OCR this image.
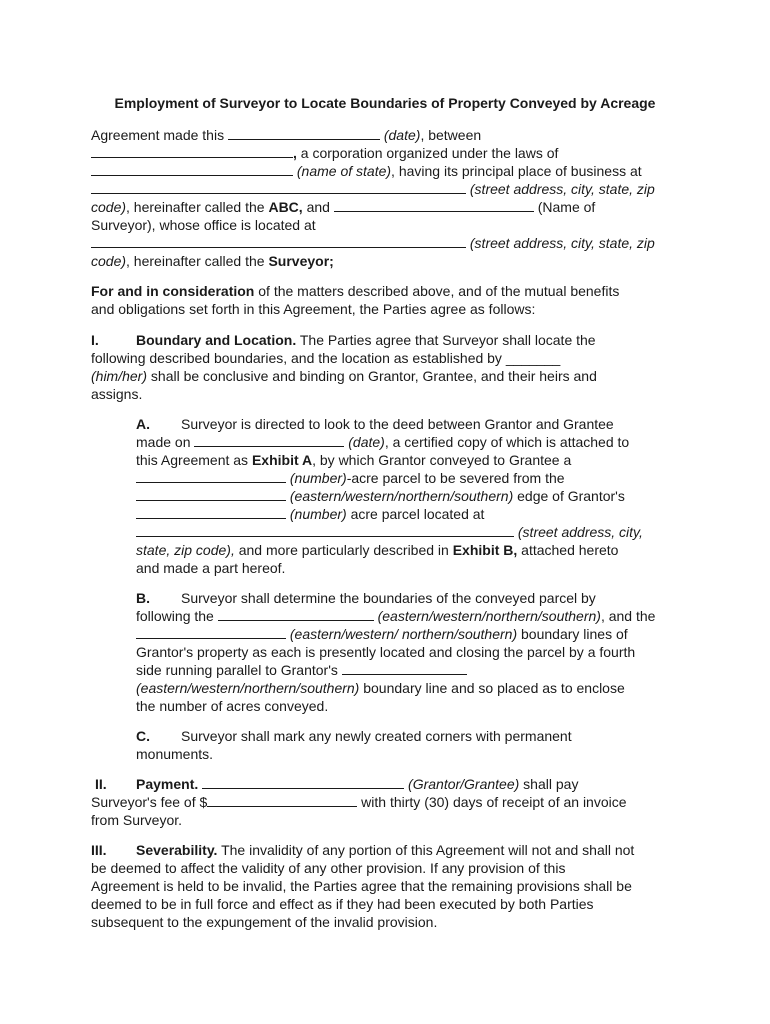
Employment of Surveyor to Locate Boundaries of Property Conveyed by Acreage
Agreement made this	(date), between
, a corporation organized under the laws of
(name of state), having its principal place of business at
(street address, city, state, zip
code), hereinafter called the ABC, and	(Name of
Surveyor), whose office is located at
(street address, city, state, zip
code), hereinafter called the Surveyor;
For and in consideration of the matters described above, and of the mutual benefits
and obligations set forth in this Agreement, the Parties agree as follows:
I.	Boundary and Location. The Parties agree that Surveyor shall locate the
following described boundaries, and the location as established by _______
(him/her) shall be conclusive and binding on Grantor, Grantee, and their heirs and
assigns.
A. Surveyor is directed to look to the deed between Grantor and Grantee
made on	(date), a certified copy of which is attached to
this Agreement as Exhibit A, by which Grantor conveyed to Grantee a
(number)-acre parcel to be severed from the
(eastern/western/northern/southern) edge of Grantor's
(number) acre parcel located at
(street address, city,
state, zip code), and more particularly described in Exhibit B, attached hereto
and made a part hereof.
B. Surveyor shall determine the boundaries of the conveyed parcel by
following the	(eastern/western/northern/southern), and the
(eastern/western/ northern/southern) boundary lines of
Grantor's property as each is presently located and closing the parcel by a fourth
side running parallel to Grantor's
(eastern/western/northern/southern) boundary line and so placed as to enclose
the number of acres conveyed.
C. Surveyor shall mark any newly created corners with permanent
monuments.
II. Payment.	(Grantor/Grantee) shall pay
Surveyor's fee of $	with thirty (30) days of receipt of an invoice
from Surveyor.
III. Severability. The invalidity of any portion of this Agreement will not and shall not
be deemed to affect the validity of any other provision. If any provision of this
Agreement is held to be invalid, the Parties agree that the remaining provisions shall be
deemed to be in full force and effect as if they had been executed by both Parties
subsequent to the expungement of the invalid provision.
